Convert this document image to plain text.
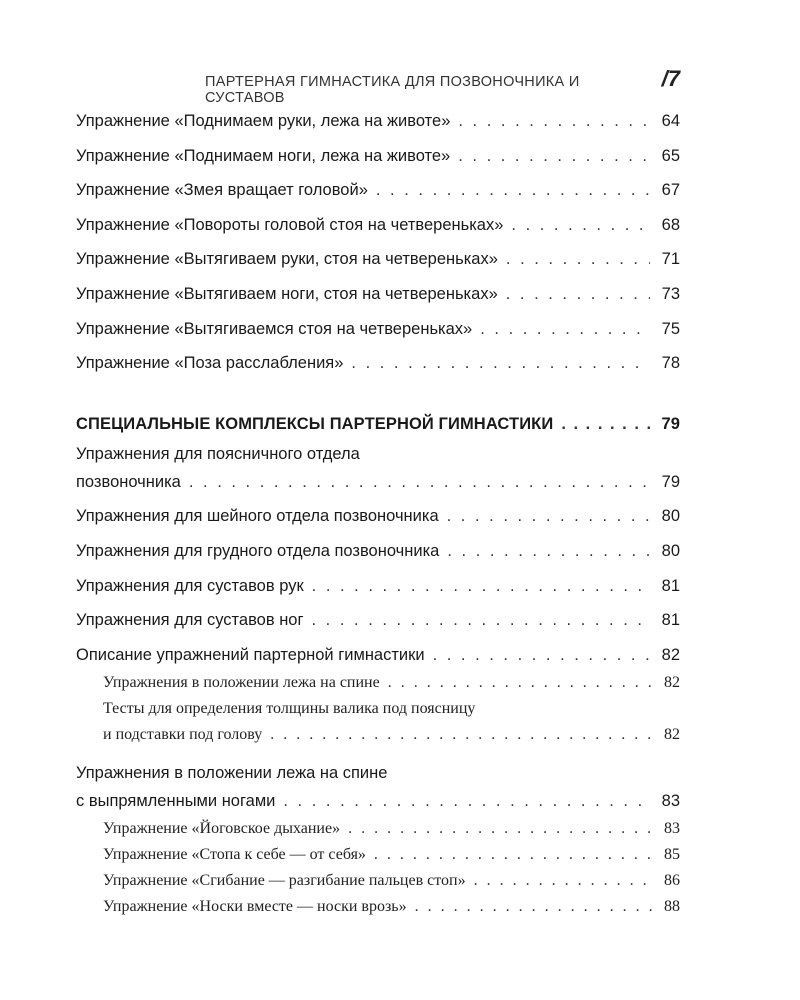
ПАРТЕРНАЯ ГИМНАСТИКА ДЛЯ ПОЗВОНОЧНИКА И СУСТАВОВ
/7
Упражнение «Поднимаем руки, лежа на животе» . . .	64
Упражнение «Поднимаем ноги, лежа на животе» . . .	65
Упражнение «Змея вращает головой» . . .	67
Упражнение «Повороты головой стоя на четвереньках» . . .	68
Упражнение «Вытягиваем руки, стоя на четвереньках» . . .	71
Упражнение «Вытягиваем ноги, стоя на четвереньках» . . .	73
Упражнение «Вытягиваемся стоя на четвереньках» . . .	75
Упражнение «Поза расслабления» . . .	78
СПЕЦИАЛЬНЫЕ КОМПЛЕКСЫ ПАРТЕРНОЙ ГИМНАСТИКИ . . .	79
Упражнения для поясничного отдела
позвоночника . . .	79
Упражнения для шейного отдела позвоночника . . .	80
Упражнения для грудного отдела позвоночника . . .	80
Упражнения для суставов рук . . .	81
Упражнения для суставов ног . . .	81
Описание упражнений партерной гимнастики . . .	82
Упражнения в положении лежа на спине . . .	82
Тесты для определения толщины валика под поясницу
и подставки под голову . . .	82
Упражнения в положении лежа на спине
с выпрямленными ногами . . .	83
Упражнение «Йоговское дыхание» . . .	83
Упражнение «Стопа к себе — от себя» . . .	85
Упражнение «Сгибание — разгибание пальцев стоп» . . .	86
Упражнение «Носки вместе — носки врозь» . . .	88
